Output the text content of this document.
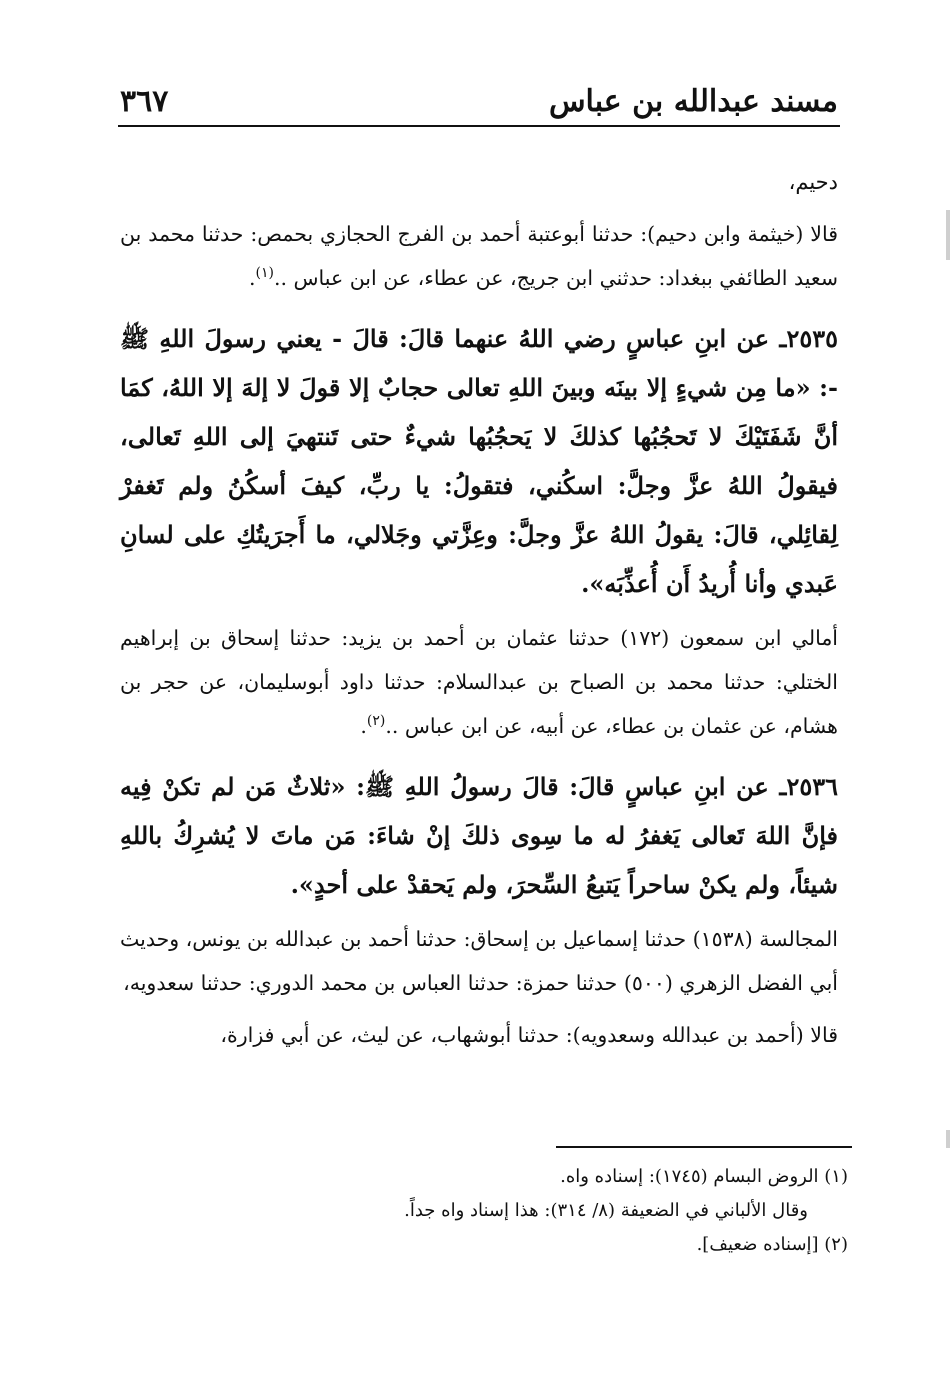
مسند عبدالله بن عباس
٣٦٧

دحيم،

قالا (خيثمة وابن دحيم): حدثنا أبوعتبة أحمد بن الفرج الحجازي بحمص: حدثنا محمد بن سعيد الطائفي ببغداد: حدثني ابن جريج، عن عطاء، عن ابن عباس ..$^{(١)}$.

٢٥٣٥ـ عن ابنِ عباسٍ رضي اللهُ عنهما قالَ: قالَ - يعني رسولَ اللهِ ﷺ -: «ما مِن شيءٍ إلا بينَه وبينَ اللهِ تعالى حجابٌ إلا قولَ لا إلهَ إلا اللهُ، كمَا أنَّ شَفَتَيْكَ لا تَحجُبُها كذلكَ لا يَحجُبُها شيءٌ حتى تَنتهيَ إلى اللهِ تَعالى، فيقولُ اللهُ عزَّ وجلَّ: اسكُني، فتقولُ: يا ربِّ، كيفَ أسكُنُ ولم تَغفرْ لِقائِلي، قالَ: يقولُ اللهُ عزَّ وجلَّ: وعِزَّتي وجَلالي، ما أَجرَيتُكِ على لسانِ عَبدي وأنا أُريدُ أَن أُعذِّبَه».

أمالي ابن سمعون (١٧٢) حدثنا عثمان بن أحمد بن يزيد: حدثنا إسحاق بن إبراهيم الختلي: حدثنا محمد بن الصباح بن عبدالسلام: حدثنا داود أبوسليمان، عن حجر بن هشام، عن عثمان بن عطاء، عن أبيه، عن ابن عباس ..$^{(٢)}$.

٢٥٣٦ـ عن ابنِ عباسٍ قالَ: قالَ رسولُ اللهِ ﷺ: «ثلاثٌ مَن لم تكنْ فِيه فإنَّ اللهَ تَعالى يَغفرُ له ما سِوى ذلكَ إنْ شاءَ: مَن ماتَ لا يُشرِكُ باللهِ شيئاً، ولم يكنْ ساحراً يَتبعُ السِّحرَ، ولم يَحقدْ على أحدٍ».

المجالسة (١٥٣٨) حدثنا إسماعيل بن إسحاق: حدثنا أحمد بن عبدالله بن يونس، وحديث أبي الفضل الزهري (٥٠٠) حدثنا حمزة: حدثنا العباس بن محمد الدوري: حدثنا سعدويه،

قالا (أحمد بن عبدالله وسعدويه): حدثنا أبوشهاب، عن ليث، عن أبي فزارة،

(١) الروض البسام (١٧٤٥): إسناده واه.

وقال الألباني في الضعيفة (٨/ ٣١٤): هذا إسناد واه جداً.

(٢) [إسناده ضعيف].
